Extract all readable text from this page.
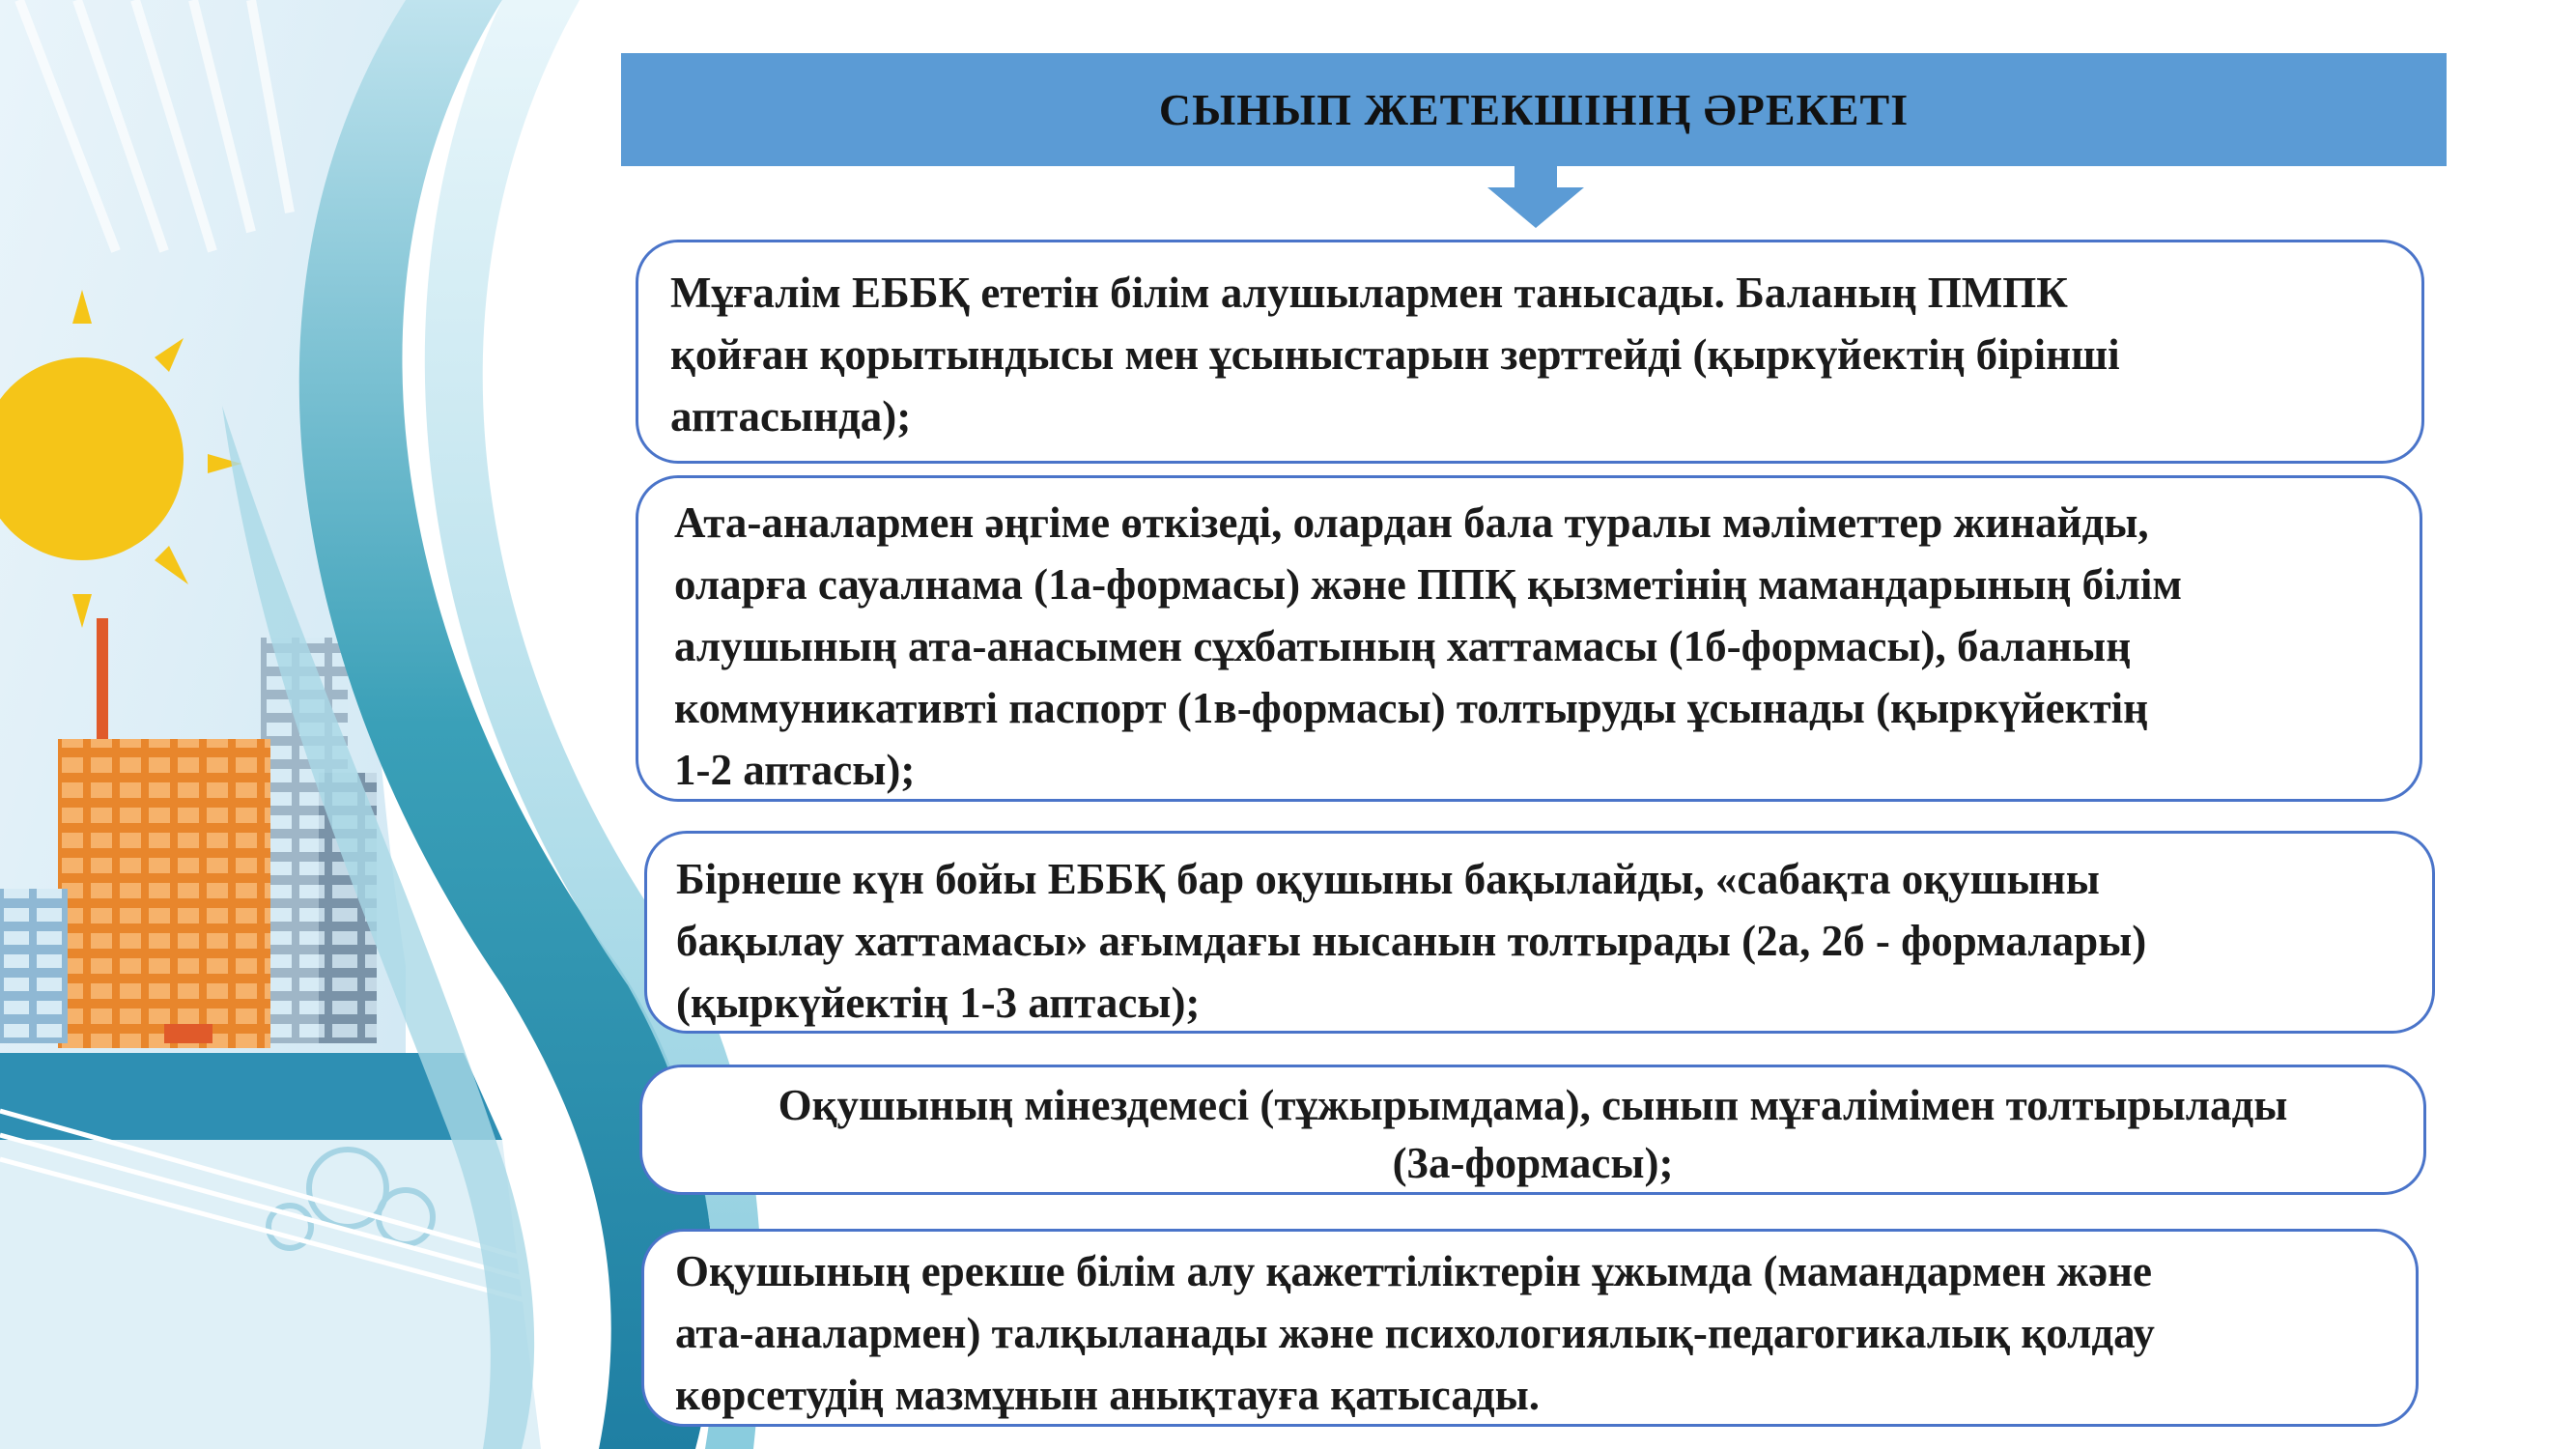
СЫНЫП ЖЕТЕКШІНІҢ ӘРЕКЕТІ
Мұғалім ЕББҚ ететін білім алушылармен танысады. Баланың ПМПК
қойған қорытындысы мен ұсыныстарын зерттейді (қыркүйектің бірінші
аптасында);
Ата-аналармен әңгіме өткізеді, олардан бала туралы мәліметтер жинайды,
оларға сауалнама (1а-формасы) және ППҚ қызметінің мамандарының білім
алушының ата-анасымен сұхбатының хаттамасы (1б-формасы), баланың
коммуникативті паспорт (1в-формасы) толтыруды ұсынады (қыркүйектің
1-2 аптасы);
Бірнеше күн бойы ЕББҚ бар оқушыны бақылайды, «сабақта оқушыны
бақылау хаттамасы» ағымдағы нысанын толтырады (2а, 2б - формалары)
(қыркүйектің 1-3 аптасы);
Оқушының мінездемесі (тұжырымдама), сынып мұғалімімен толтырылады
(3а-формасы);
Оқушының ерекше білім алу қажеттіліктерін ұжымда (мамандармен және
ата-аналармен) талқыланады және психологиялық-педагогикалық қолдау
көрсетудің мазмұнын анықтауға қатысады.
